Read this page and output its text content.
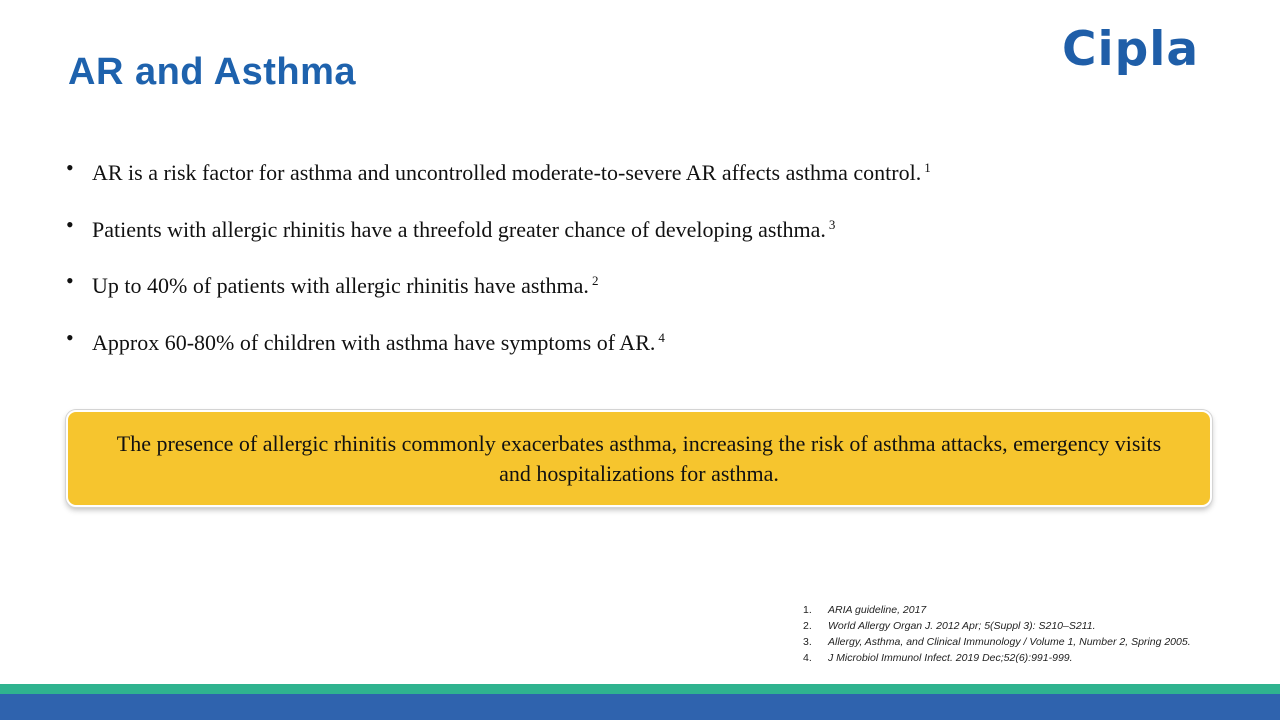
AR and Asthma	Cipla
• AR is a risk factor for asthma and uncontrolled moderate-to-severe AR affects asthma control. $^1$
• Patients with allergic rhinitis have a threefold greater chance of developing asthma. $^3$
• Up to 40% of patients with allergic rhinitis have asthma. $^2$
• Approx 60-80% of children with asthma have symptoms of AR. $^4$
The presence of allergic rhinitis commonly exacerbates asthma, increasing the risk of asthma attacks, emergency visits and hospitalizations for asthma.
1. ARIA guideline, 2017
2. World Allergy Organ J. 2012 Apr; 5(Suppl 3): S210–S211.
3. Allergy, Asthma, and Clinical Immunology / Volume 1, Number 2, Spring 2005.
4. J Microbiol Immunol Infect. 2019 Dec;52(6):991-999.
